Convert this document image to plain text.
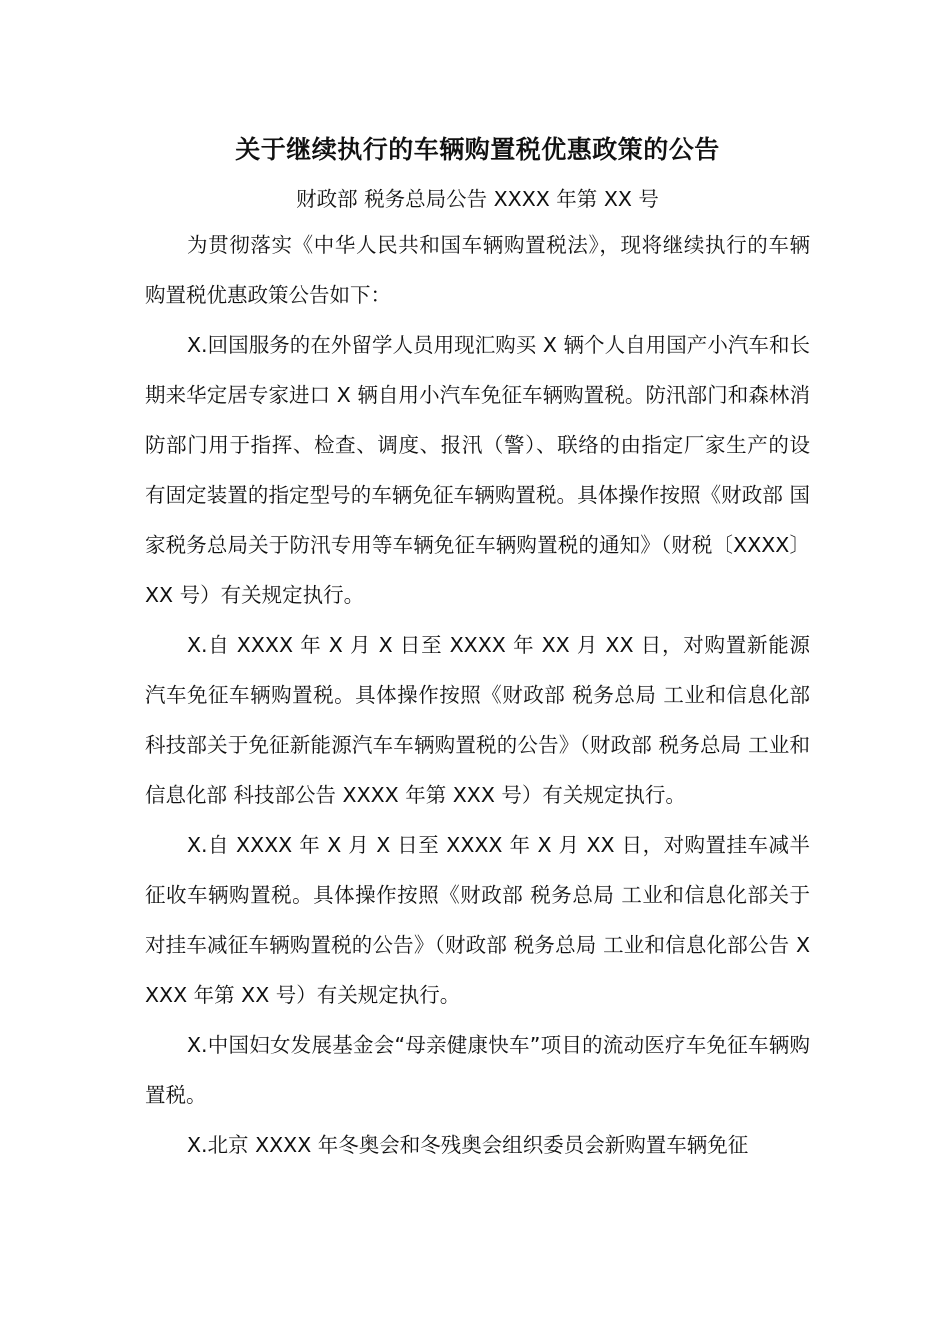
关于继续执行的车辆购置税优惠政策的公告
财政部 税务总局公告 XXXX 年第 XX 号

为贯彻落实《中华人民共和国车辆购置税法》，现将继续执行的车辆购置税优惠政策公告如下：

X.回国服务的在外留学人员用现汇购买 X 辆个人自用国产小汽车和长期来华定居专家进口 X 辆自用小汽车免征车辆购置税。防汛部门和森林消防部门用于指挥、检查、调度、报汛（警）、联络的由指定厂家生产的设有固定装置的指定型号的车辆免征车辆购置税。具体操作按照《财政部 国家税务总局关于防汛专用等车辆免征车辆购置税的通知》（财税〔XXXX〕XX 号）有关规定执行。

X.自 XXXX 年 X 月 X 日至 XXXX 年 XX 月 XX 日，对购置新能源汽车免征车辆购置税。具体操作按照《财政部 税务总局 工业和信息化部 科技部关于免征新能源汽车车辆购置税的公告》（财政部 税务总局 工业和信息化部 科技部公告 XXXX 年第 XXX 号）有关规定执行。

X.自 XXXX 年 X 月 X 日至 XXXX 年 X 月 XX 日，对购置挂车减半征收车辆购置税。具体操作按照《财政部 税务总局 工业和信息化部关于对挂车减征车辆购置税的公告》（财政部 税务总局 工业和信息化部公告 XXXX 年第 XX 号）有关规定执行。

X.中国妇女发展基金会“母亲健康快车”项目的流动医疗车免征车辆购置税。

X.北京 XXXX 年冬奥会和冬残奥会组织委员会新购置车辆免征
